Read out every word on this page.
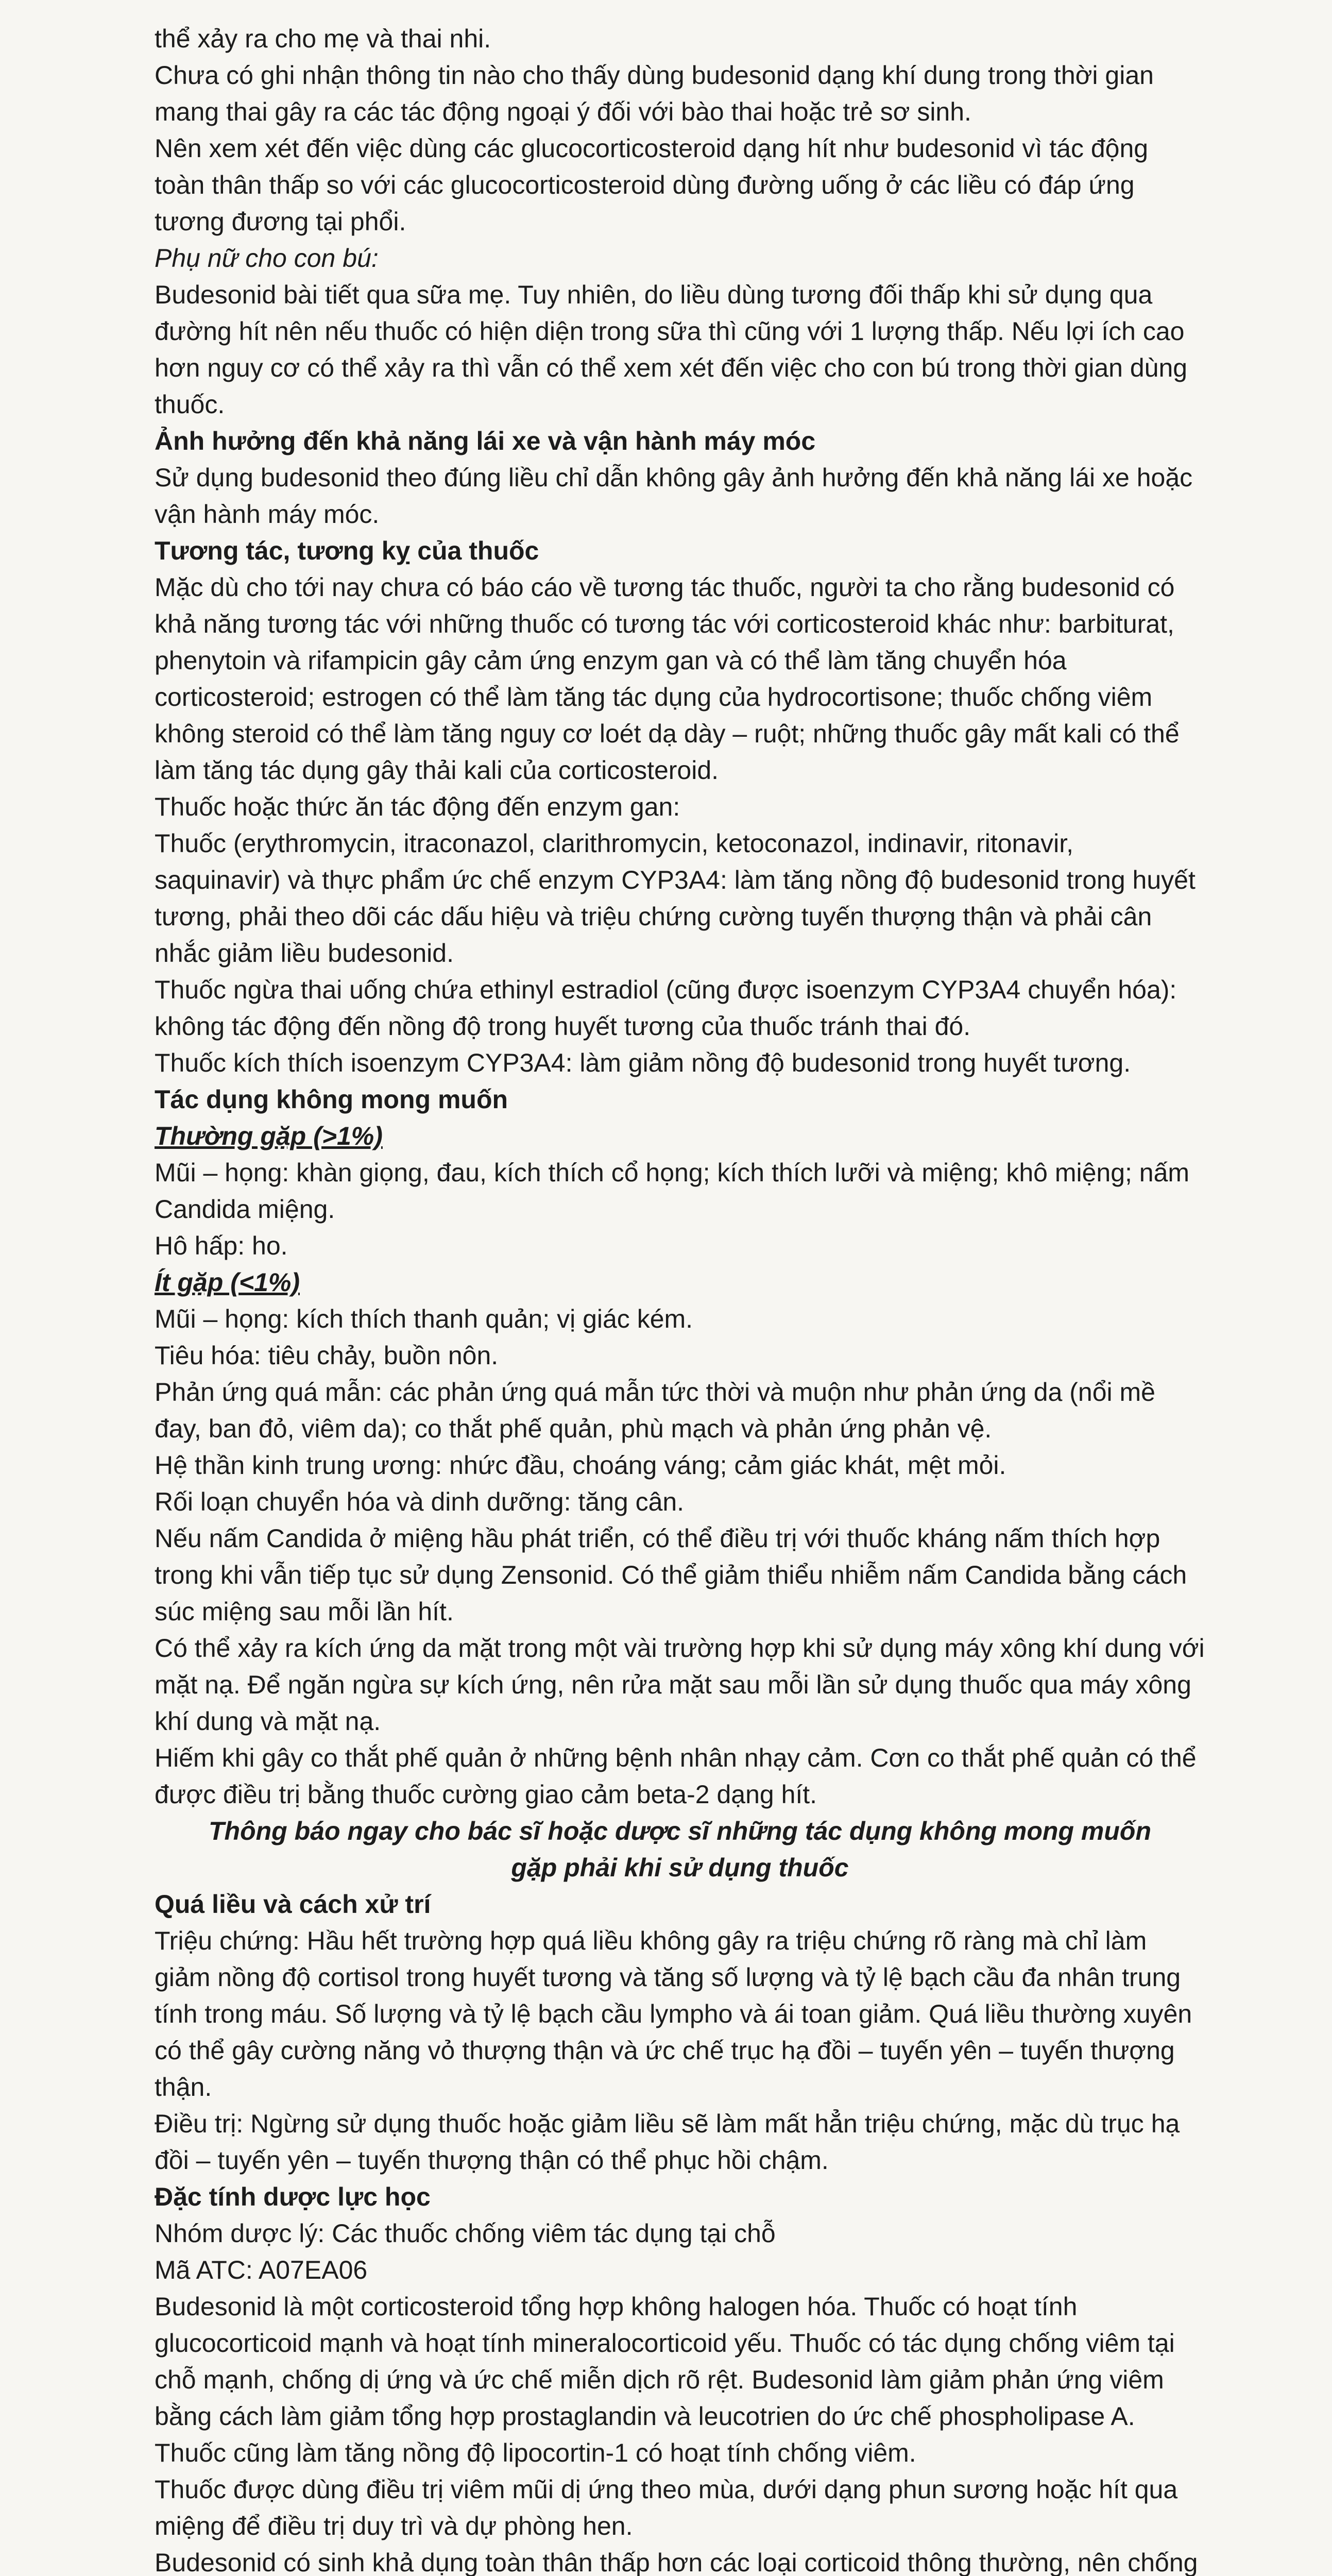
thể xảy ra cho mẹ và thai nhi.

Chưa có ghi nhận thông tin nào cho thấy dùng budesonid dạng khí dung trong thời gian mang thai gây ra các tác động ngoại ý đối với bào thai hoặc trẻ sơ sinh.

Nên xem xét đến việc dùng các glucocorticosteroid dạng hít như budesonid vì tác động toàn thân thấp so với các glucocorticosteroid dùng đường uống ở các liều có đáp ứng tương đương tại phổi.

Phụ nữ cho con bú:

Budesonid bài tiết qua sữa mẹ. Tuy nhiên, do liều dùng tương đối thấp khi sử dụng qua đường hít nên nếu thuốc có hiện diện trong sữa thì cũng với 1 lượng thấp. Nếu lợi ích cao hơn nguy cơ có thể xảy ra thì vẫn có thể xem xét đến việc cho con bú trong thời gian dùng thuốc.

Ảnh hưởng đến khả năng lái xe và vận hành máy móc

Sử dụng budesonid theo đúng liều chỉ dẫn không gây ảnh hưởng đến khả năng lái xe hoặc vận hành máy móc.

Tương tác, tương kỵ của thuốc

Mặc dù cho tới nay chưa có báo cáo về tương tác thuốc, người ta cho rằng budesonid có khả năng tương tác với những thuốc có tương tác với corticosteroid khác như: barbiturat, phenytoin và rifampicin gây cảm ứng enzym gan và có thể làm tăng chuyển hóa corticosteroid; estrogen có thể làm tăng tác dụng của hydrocortisone; thuốc chống viêm không steroid có thể làm tăng nguy cơ loét dạ dày – ruột; những thuốc gây mất kali có thể làm tăng tác dụng gây thải kali của corticosteroid.

Thuốc hoặc thức ăn tác động đến enzym gan:

Thuốc (erythromycin, itraconazol, clarithromycin, ketoconazol, indinavir, ritonavir, saquinavir) và thực phẩm ức chế enzym CYP3A4: làm tăng nồng độ budesonid trong huyết tương, phải theo dõi các dấu hiệu và triệu chứng cường tuyến thượng thận và phải cân nhắc giảm liều budesonid.

Thuốc ngừa thai uống chứa ethinyl estradiol (cũng được isoenzym CYP3A4 chuyển hóa): không tác động đến nồng độ trong huyết tương của thuốc tránh thai đó.

Thuốc kích thích isoenzym CYP3A4: làm giảm nồng độ budesonid trong huyết tương.

Tác dụng không mong muốn

Thường gặp (>1%)

Mũi – họng: khàn giọng, đau, kích thích cổ họng; kích thích lưỡi và miệng; khô miệng; nấm Candida miệng.

Hô hấp: ho.

Ít gặp (<1%)

Mũi – họng: kích thích thanh quản; vị giác kém.

Tiêu hóa: tiêu chảy, buồn nôn.

Phản ứng quá mẫn: các phản ứng quá mẫn tức thời và muộn như phản ứng da (nổi mề đay, ban đỏ, viêm da); co thắt phế quản, phù mạch và phản ứng phản vệ.

Hệ thần kinh trung ương: nhức đầu, choáng váng; cảm giác khát, mệt mỏi.

Rối loạn chuyển hóa và dinh dưỡng: tăng cân.

Nếu nấm Candida ở miệng hầu phát triển, có thể điều trị với thuốc kháng nấm thích hợp trong khi vẫn tiếp tục sử dụng Zensonid. Có thể giảm thiểu nhiễm nấm Candida bằng cách súc miệng sau mỗi lần hít.

Có thể xảy ra kích ứng da mặt trong một vài trường hợp khi sử dụng máy xông khí dung với mặt nạ. Để ngăn ngừa sự kích ứng, nên rửa mặt sau mỗi lần sử dụng thuốc qua máy xông khí dung và mặt nạ.

Hiếm khi gây co thắt phế quản ở những bệnh nhân nhạy cảm. Cơn co thắt phế quản có thể được điều trị bằng thuốc cường giao cảm beta-2 dạng hít.

Thông báo ngay cho bác sĩ hoặc dược sĩ những tác dụng không mong muốn

gặp phải khi sử dụng thuốc

Quá liều và cách xử trí

Triệu chứng: Hầu hết trường hợp quá liều không gây ra triệu chứng rõ ràng mà chỉ làm giảm nồng độ cortisol trong huyết tương và tăng số lượng và tỷ lệ bạch cầu đa nhân trung tính trong máu. Số lượng và tỷ lệ bạch cầu lympho và ái toan giảm. Quá liều thường xuyên có thể gây cường năng vỏ thượng thận và ức chế trục hạ đồi – tuyến yên – tuyến thượng thận.

Điều trị: Ngừng sử dụng thuốc hoặc giảm liều sẽ làm mất hẳn triệu chứng, mặc dù trục hạ đồi – tuyến yên – tuyến thượng thận có thể phục hồi chậm.

Đặc tính dược lực học

Nhóm dược lý: Các thuốc chống viêm tác dụng tại chỗ

Mã ATC: A07EA06

Budesonid là một corticosteroid tổng hợp không halogen hóa. Thuốc có hoạt tính glucocorticoid mạnh và hoạt tính mineralocorticoid yếu. Thuốc có tác dụng chống viêm tại chỗ mạnh, chống dị ứng và ức chế miễn dịch rõ rệt. Budesonid làm giảm phản ứng viêm bằng cách làm giảm tổng hợp prostaglandin và leucotrien do ức chế phospholipase A. Thuốc cũng làm tăng nồng độ lipocortin-1 có hoạt tính chống viêm.

Thuốc được dùng điều trị viêm mũi dị ứng theo mùa, dưới dạng phun sương hoặc hít qua miệng để điều trị duy trì và dự phòng hen.

Budesonid có sinh khả dụng toàn thân thấp hơn các loại corticoid thông thường, nên chống
